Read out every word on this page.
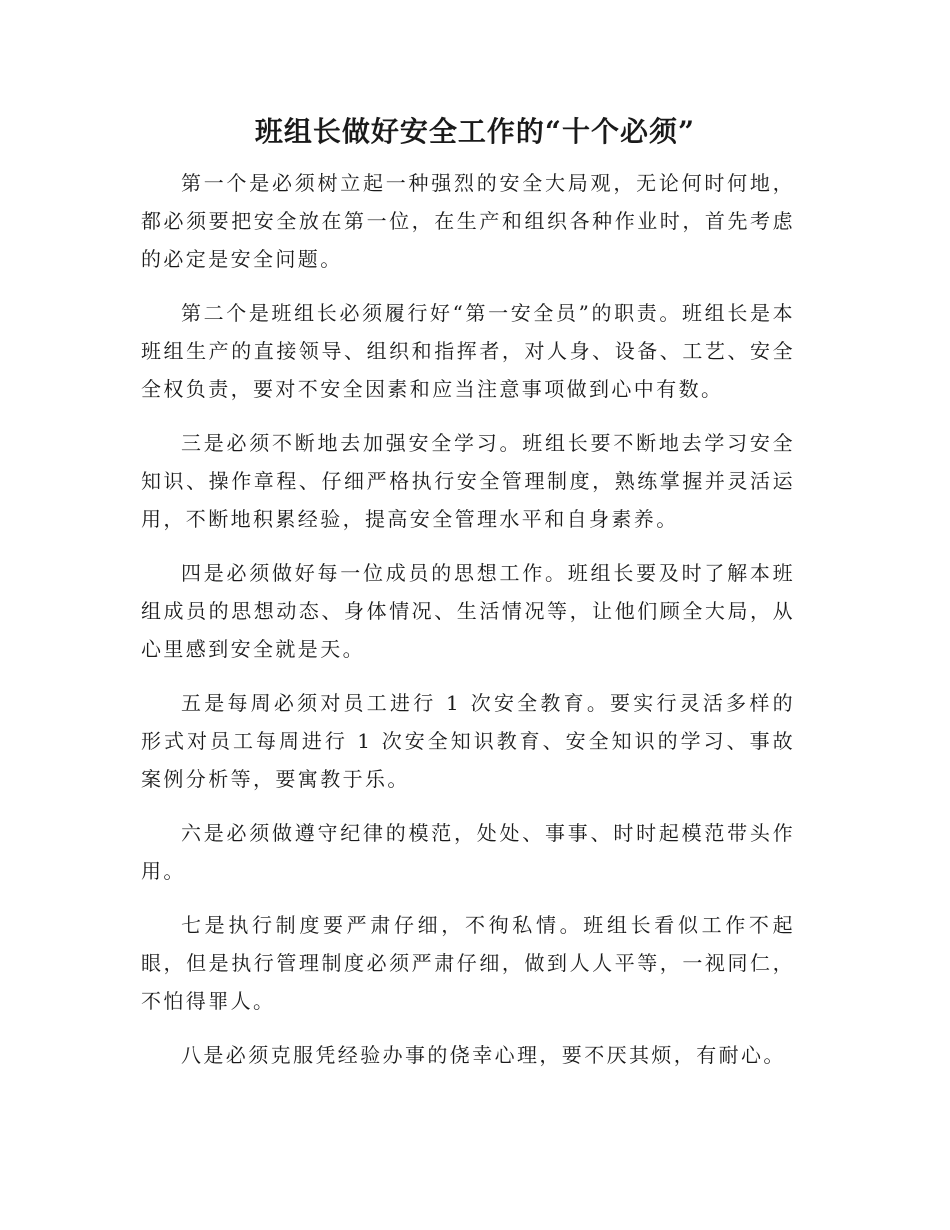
班组长做好安全工作的“十个必须”

第一个是必须树立起一种强烈的安全大局观，无论何时何地，都必须要把安全放在第一位，在生产和组织各种作业时，首先考虑的必定是安全问题。

第二个是班组长必须履行好“第一安全员”的职责。班组长是本班组生产的直接领导、组织和指挥者，对人身、设备、工艺、安全全权负责，要对不安全因素和应当注意事项做到心中有数。

三是必须不断地去加强安全学习。班组长要不断地去学习安全知识、操作章程、仔细严格执行安全管理制度，熟练掌握并灵活运用，不断地积累经验，提高安全管理水平和自身素养。

四是必须做好每一位成员的思想工作。班组长要及时了解本班组成员的思想动态、身体情况、生活情况等，让他们顾全大局，从心里感到安全就是天。

五是每周必须对员工进行 1 次安全教育。要实行灵活多样的形式对员工每周进行 1 次安全知识教育、安全知识的学习、事故案例分析等，要寓教于乐。

六是必须做遵守纪律的模范，处处、事事、时时起模范带头作用。

七是执行制度要严肃仔细，不徇私情。班组长看似工作不起眼，但是执行管理制度必须严肃仔细，做到人人平等，一视同仁，不怕得罪人。

八是必须克服凭经验办事的侥幸心理，要不厌其烦，有耐心。
